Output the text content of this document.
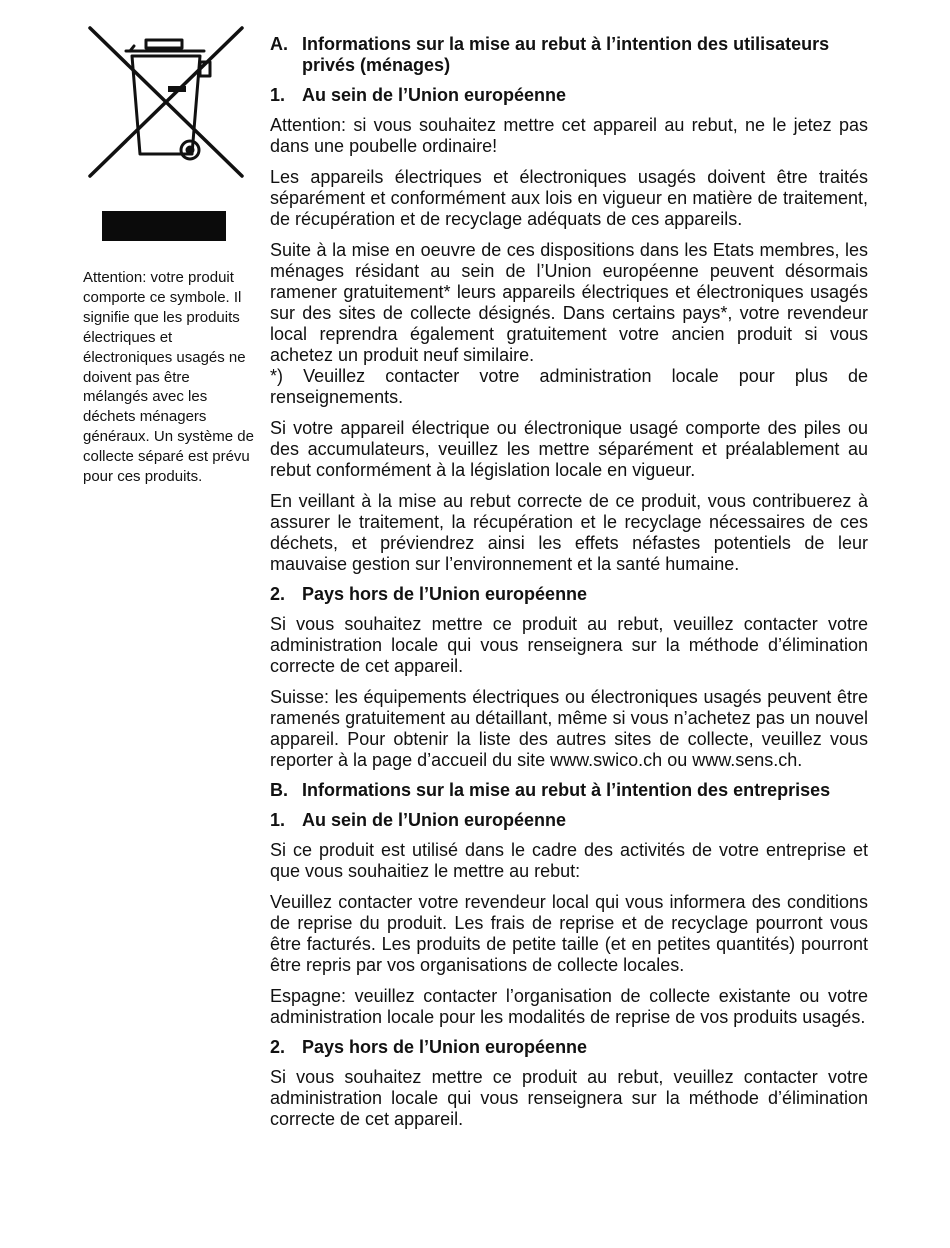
Attention: votre produit comporte ce symbole. Il signifie que les produits électriques et électroniques usagés ne doivent pas être mélangés avec les déchets ménagers généraux. Un système de collecte séparé est prévu pour ces produits.
A. Informations sur la mise au rebut à l’intention des utilisateurs privés (ménages)
1. Au sein de l’Union européenne

Attention: si vous souhaitez mettre cet appareil au rebut, ne le jetez pas dans une poubelle ordinaire!

Les appareils électriques et électroniques usagés doivent être traités séparément et conformément aux lois en vigueur en matière de traitement, de récupération et de recyclage adéquats de ces appareils.

Suite à la mise en oeuvre de ces dispositions dans les Etats membres, les ménages résidant au sein de l’Union européenne peuvent désormais ramener gratuitement* leurs appareils électriques et électroniques usagés sur des sites de collecte désignés. Dans certains pays*, votre revendeur local reprendra également gratuitement votre ancien produit si vous achetez un produit neuf similaire.

*) Veuillez contacter votre administration locale pour plus de renseignements.

Si votre appareil électrique ou électronique usagé comporte des piles ou des accumulateurs, veuillez les mettre séparément et préalablement au rebut conformément à la législation locale en vigueur.

En veillant à la mise au rebut correcte de ce produit, vous contribuerez à assurer le traitement, la récupération et le recyclage nécessaires de ces déchets, et préviendrez ainsi les effets néfastes potentiels de leur mauvaise gestion sur l’environnement et la santé humaine.

2. Pays hors de l’Union européenne

Si vous souhaitez mettre ce produit au rebut, veuillez contacter votre administration locale qui vous renseignera sur la méthode d’élimination correcte de cet appareil.

Suisse: les équipements électriques ou électroniques usagés peuvent être ramenés gratuitement au détaillant, même si vous n’achetez pas un nouvel appareil. Pour obtenir la liste des autres sites de collecte, veuillez vous reporter à la page d’accueil du site www.swico.ch ou www.sens.ch.

B. Informations sur la mise au rebut à l’intention des entreprises
1. Au sein de l’Union européenne

Si ce produit est utilisé dans le cadre des activités de votre entreprise et que vous souhaitiez le mettre au rebut:

Veuillez contacter votre revendeur local qui vous informera des conditions de reprise du produit. Les frais de reprise et de recyclage pourront vous être facturés. Les produits de petite taille (et en petites quantités) pourront être repris par vos organisations de collecte locales.

Espagne: veuillez contacter l’organisation de collecte existante ou votre administration locale pour les modalités de reprise de vos produits usagés.

2. Pays hors de l’Union européenne

Si vous souhaitez mettre ce produit au rebut, veuillez contacter votre administration locale qui vous renseignera sur la méthode d’élimination correcte de cet appareil.
